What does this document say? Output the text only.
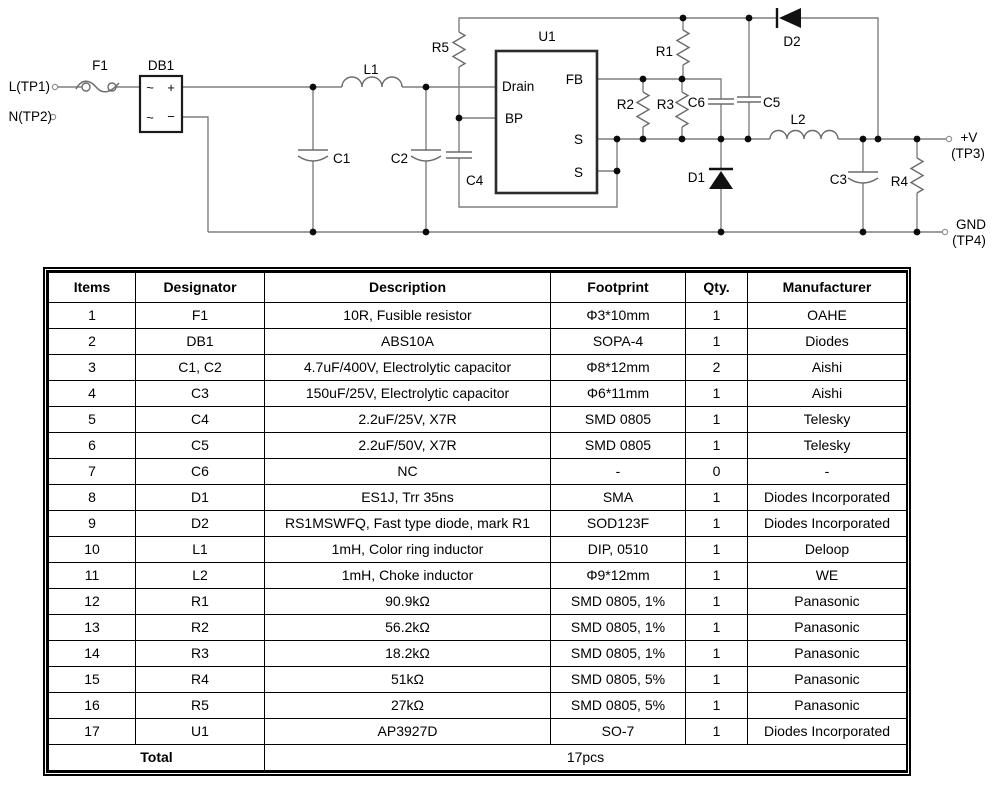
L(TP1)
N(TP2)
F1	DB1
~ +
~ −
L1
C1	C2
R5
C4
U1
Drain
BP
FB
S
S
R1
R2 R3 C6	C5
D2
D1
L2
C3	R4
+V
(TP3)
GND
(TP4)
Items	Designator	Description	Footprint	Qty.	Manufacturer
1	F1	10R, Fusible resistor	Φ3*10mm	1	OAHE
2	DB1	ABS10A	SOPA-4	1	Diodes
3	C1, C2	4.7uF/400V, Electrolytic capacitor	Φ8*12mm	2	Aishi
4	C3	150uF/25V, Electrolytic capacitor	Φ6*11mm	1	Aishi
5	C4	2.2uF/25V, X7R	SMD 0805	1	Telesky
6	C5	2.2uF/50V, X7R	SMD 0805	1	Telesky
7	C6	NC	-	0	-
8	D1	ES1J, Trr 35ns	SMA	1	Diodes Incorporated
9	D2	RS1MSWFQ, Fast type diode, mark R1	SOD123F	1	Diodes Incorporated
10	L1	1mH, Color ring inductor	DIP, 0510	1	Deloop
11	L2	1mH, Choke inductor	Φ9*12mm	1	WE
12	R1	90.9kΩ	SMD 0805, 1%	1	Panasonic
13	R2	56.2kΩ	SMD 0805, 1%	1	Panasonic
14	R3	18.2kΩ	SMD 0805, 1%	1	Panasonic
15	R4	51kΩ	SMD 0805, 5%	1	Panasonic
16	R5	27kΩ	SMD 0805, 5%	1	Panasonic
17	U1	AP3927D	SO-7	1	Diodes Incorporated
Total		17pcs			
